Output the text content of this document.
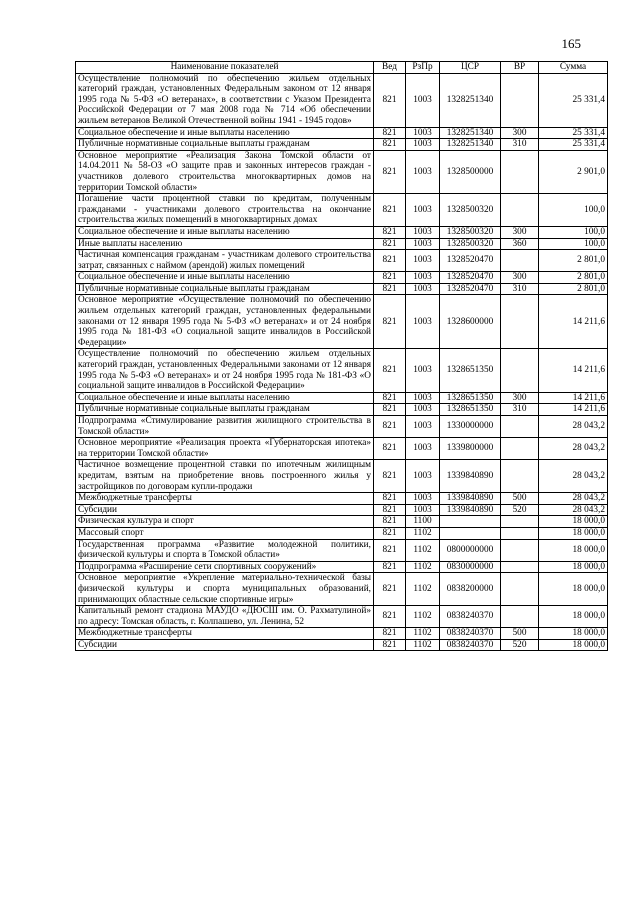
165
Наименование показателей	Вед	РзПр	ЦСР	ВР	Сумма
Осуществление полномочий по обеспечению жильем отдельных категорий граждан, установленных Федеральным законом от 12 января 1995 года № 5-ФЗ «О ветеранах», в соответствии с Указом Президента Российской Федерации от 7 мая 2008 года № 714 «Об обеспечении жильем ветеранов Великой Отечественной войны 1941 - 1945 годов»	821	1003	1328251340		25 331,4
Социальное обеспечение и иные выплаты населению	821	1003	1328251340	300	25 331,4
Публичные нормативные социальные выплаты гражданам	821	1003	1328251340	310	25 331,4
Основное мероприятие «Реализация Закона Томской области от 14.04.2011 № 58-ОЗ «О защите прав и законных интересов граждан - участников долевого строительства многоквартирных домов на территории Томской области»	821	1003	1328500000		2 901,0
Погашение части процентной ставки по кредитам, полученным гражданами - участниками долевого строительства на окончание строительства жилых помещений в многоквартирных домах	821	1003	1328500320		100,0
Социальное обеспечение и иные выплаты населению	821	1003	1328500320	300	100,0
Иные выплаты населению	821	1003	1328500320	360	100,0
Частичная компенсация гражданам - участникам долевого строительства затрат, связанных с наймом (арендой) жилых помещений	821	1003	1328520470		2 801,0
Социальное обеспечение и иные выплаты населению	821	1003	1328520470	300	2 801,0
Публичные нормативные социальные выплаты гражданам	821	1003	1328520470	310	2 801,0
Основное мероприятие «Осуществление полномочий по обеспечению жильем отдельных категорий граждан, установленных федеральными законами от 12 января 1995 года № 5-ФЗ «О ветеранах» и от 24 ноября 1995 года № 181-ФЗ «О социальной защите инвалидов в Российской Федерации»	821	1003	1328600000		14 211,6
Осуществление полномочий по обеспечению жильем отдельных категорий граждан, установленных Федеральными законами от 12 января 1995 года № 5-ФЗ «О ветеранах» и от 24 ноября 1995 года № 181-ФЗ «О социальной защите инвалидов в Российской Федерации»	821	1003	1328651350		14 211,6
Социальное обеспечение и иные выплаты населению	821	1003	1328651350	300	14 211,6
Публичные нормативные социальные выплаты гражданам	821	1003	1328651350	310	14 211,6
Подпрограмма «Стимулирование развития жилищного строительства в Томской области»	821	1003	1330000000		28 043,2
Основное мероприятие «Реализация проекта «Губернаторская ипотека» на территории Томской области»	821	1003	1339800000		28 043,2
Частичное возмещение процентной ставки по ипотечным жилищным кредитам, взятым на приобретение вновь построенного жилья у застройщиков по договорам купли-продажи	821	1003	1339840890		28 043,2
Межбюджетные трансферты	821	1003	1339840890	500	28 043,2
Субсидии	821	1003	1339840890	520	28 043,2
Физическая культура и спорт	821	1100			18 000,0
Массовый спорт	821	1102			18 000,0
Государственная программа «Развитие молодежной политики, физической культуры и спорта в Томской области»	821	1102	0800000000		18 000,0
Подпрограмма «Расширение сети спортивных сооружений»	821	1102	0830000000		18 000,0
Основное мероприятие «Укрепление материально-технической базы физической культуры и спорта муниципальных образований, принимающих областные сельские спортивные игры»	821	1102	0838200000		18 000,0
Капитальный ремонт стадиона МАУДО «ДЮСШ им. О. Рахматулиной» по адресу: Томская область, г. Колпашево, ул. Ленина, 52	821	1102	0838240370		18 000,0
Межбюджетные трансферты	821	1102	0838240370	500	18 000,0
Субсидии	821	1102	0838240370	520	18 000,0
